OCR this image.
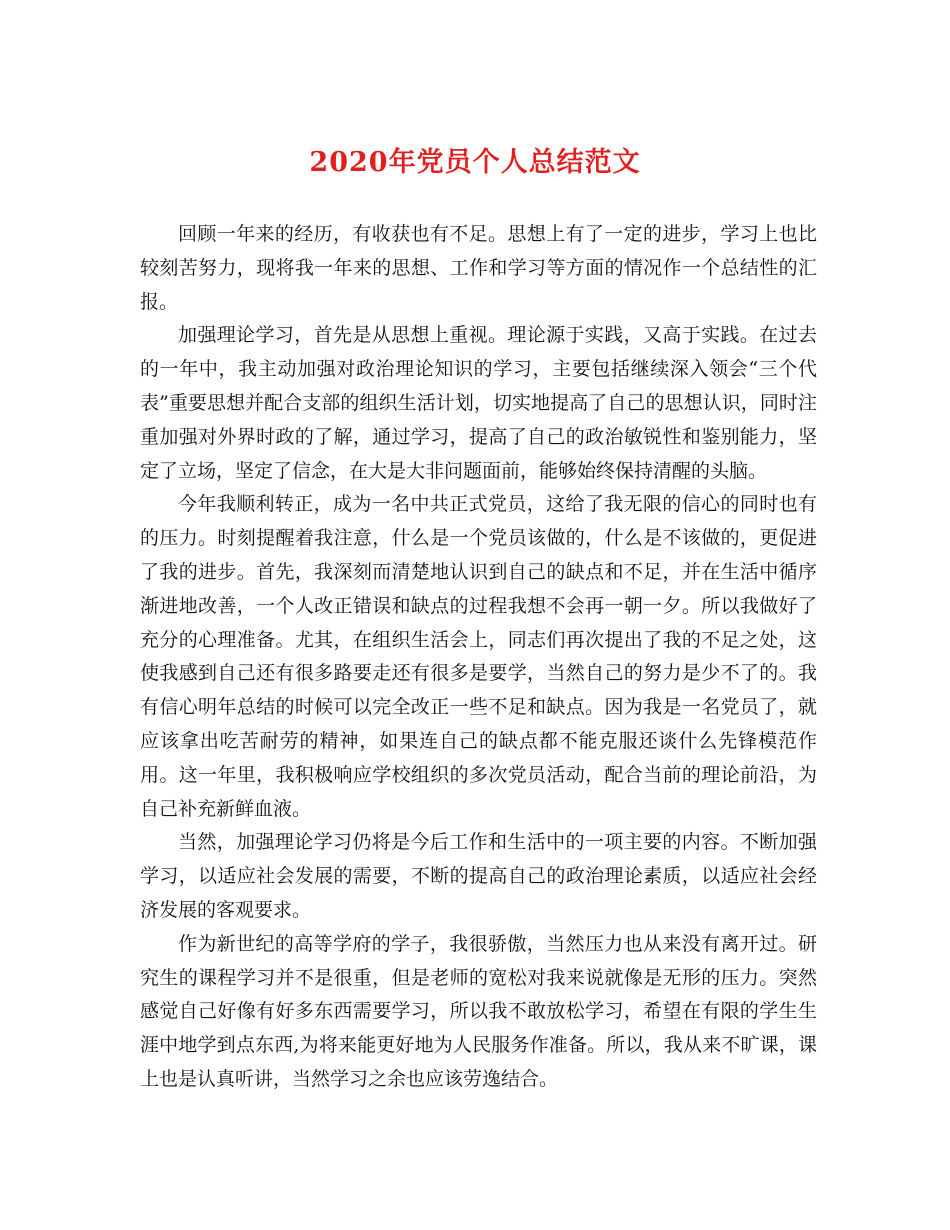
2020年党员个人总结范文

回顾一年来的经历，有收获也有不足。思想上有了一定的进步，学习上也比较刻苦努力，现将我一年来的思想、工作和学习等方面的情况作一个总结性的汇报。

加强理论学习，首先是从思想上重视。理论源于实践，又高于实践。在过去的一年中，我主动加强对政治理论知识的学习，主要包括继续深入领会“三个代表”重要思想并配合支部的组织生活计划，切实地提高了自己的思想认识，同时注重加强对外界时政的了解，通过学习，提高了自己的政治敏锐性和鉴别能力，坚定了立场，坚定了信念，在大是大非问题面前，能够始终保持清醒的头脑。

今年我顺利转正，成为一名中共正式党员，这给了我无限的信心的同时也有的压力。时刻提醒着我注意，什么是一个党员该做的，什么是不该做的，更促进了我的进步。首先，我深刻而清楚地认识到自己的缺点和不足，并在生活中循序渐进地改善，一个人改正错误和缺点的过程我想不会再一朝一夕。所以我做好了充分的心理准备。尤其，在组织生活会上，同志们再次提出了我的不足之处，这使我感到自己还有很多路要走还有很多是要学，当然自己的努力是少不了的。我有信心明年总结的时候可以完全改正一些不足和缺点。因为我是一名党员了，就应该拿出吃苦耐劳的精神，如果连自己的缺点都不能克服还谈什么先锋模范作用。这一年里，我积极响应学校组织的多次党员活动，配合当前的理论前沿，为自己补充新鲜血液。

当然，加强理论学习仍将是今后工作和生活中的一项主要的内容。不断加强学习，以适应社会发展的需要，不断的提高自己的政治理论素质，以适应社会经济发展的客观要求。

作为新世纪的高等学府的学子，我很骄傲，当然压力也从来没有离开过。研究生的课程学习并不是很重，但是老师的宽松对我来说就像是无形的压力。突然感觉自己好像有好多东西需要学习，所以我不敢放松学习，希望在有限的学生生涯中地学到点东西,为将来能更好地为人民服务作准备。所以，我从来不旷课，课上也是认真听讲，当然学习之余也应该劳逸结合。
